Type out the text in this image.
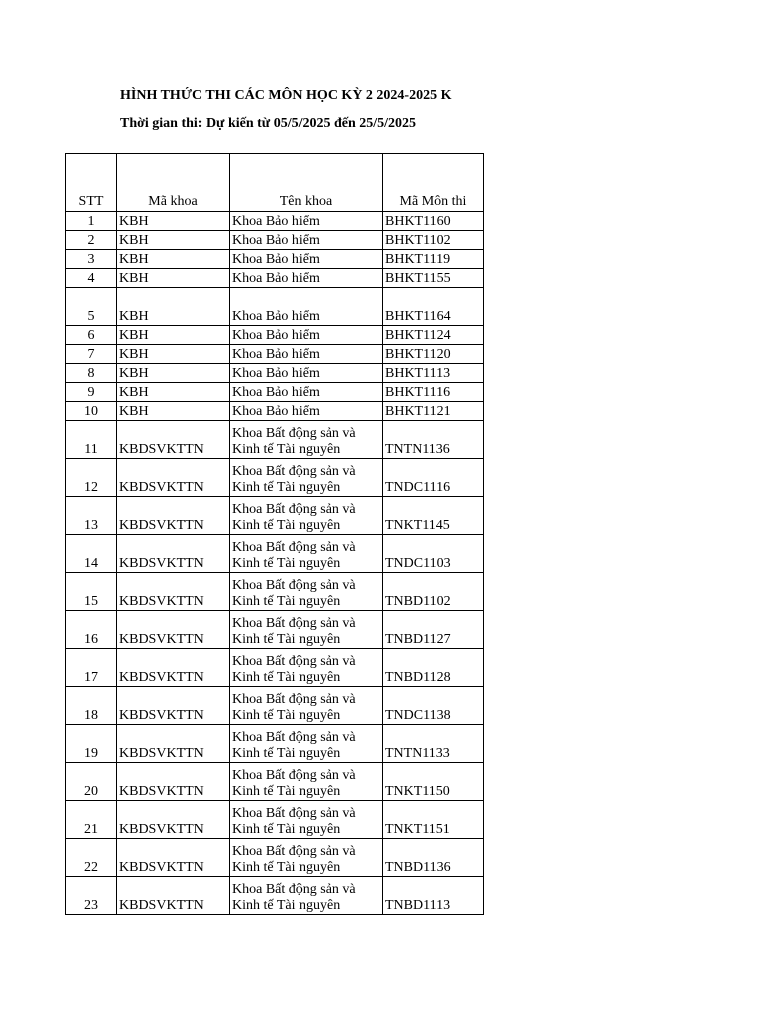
HÌNH THỨC THI CÁC MÔN HỌC KỲ 2 2024-2025 K
Thời gian thi: Dự kiến từ 05/5/2025 đến 25/5/2025
STT	Mã khoa	Tên khoa	Mã Môn thi
1	KBH	Khoa Bảo hiểm	BHKT1160
2	KBH	Khoa Bảo hiểm	BHKT1102
3	KBH	Khoa Bảo hiểm	BHKT1119
4	KBH	Khoa Bảo hiểm	BHKT1155
5	KBH	Khoa Bảo hiểm	BHKT1164
6	KBH	Khoa Bảo hiểm	BHKT1124
7	KBH	Khoa Bảo hiểm	BHKT1120
8	KBH	Khoa Bảo hiểm	BHKT1113
9	KBH	Khoa Bảo hiểm	BHKT1116
10	KBH	Khoa Bảo hiểm	BHKT1121
11	KBDSVKTTN	Khoa Bất động sản và Kinh tế Tài nguyên	TNTN1136
12	KBDSVKTTN	Khoa Bất động sản và Kinh tế Tài nguyên	TNDC1116
13	KBDSVKTTN	Khoa Bất động sản và Kinh tế Tài nguyên	TNKT1145
14	KBDSVKTTN	Khoa Bất động sản và Kinh tế Tài nguyên	TNDC1103
15	KBDSVKTTN	Khoa Bất động sản và Kinh tế Tài nguyên	TNBD1102
16	KBDSVKTTN	Khoa Bất động sản và Kinh tế Tài nguyên	TNBD1127
17	KBDSVKTTN	Khoa Bất động sản và Kinh tế Tài nguyên	TNBD1128
18	KBDSVKTTN	Khoa Bất động sản và Kinh tế Tài nguyên	TNDC1138
19	KBDSVKTTN	Khoa Bất động sản và Kinh tế Tài nguyên	TNTN1133
20	KBDSVKTTN	Khoa Bất động sản và Kinh tế Tài nguyên	TNKT1150
21	KBDSVKTTN	Khoa Bất động sản và Kinh tế Tài nguyên	TNKT1151
22	KBDSVKTTN	Khoa Bất động sản và Kinh tế Tài nguyên	TNBD1136
23	KBDSVKTTN	Khoa Bất động sản và Kinh tế Tài nguyên	TNBD1113
